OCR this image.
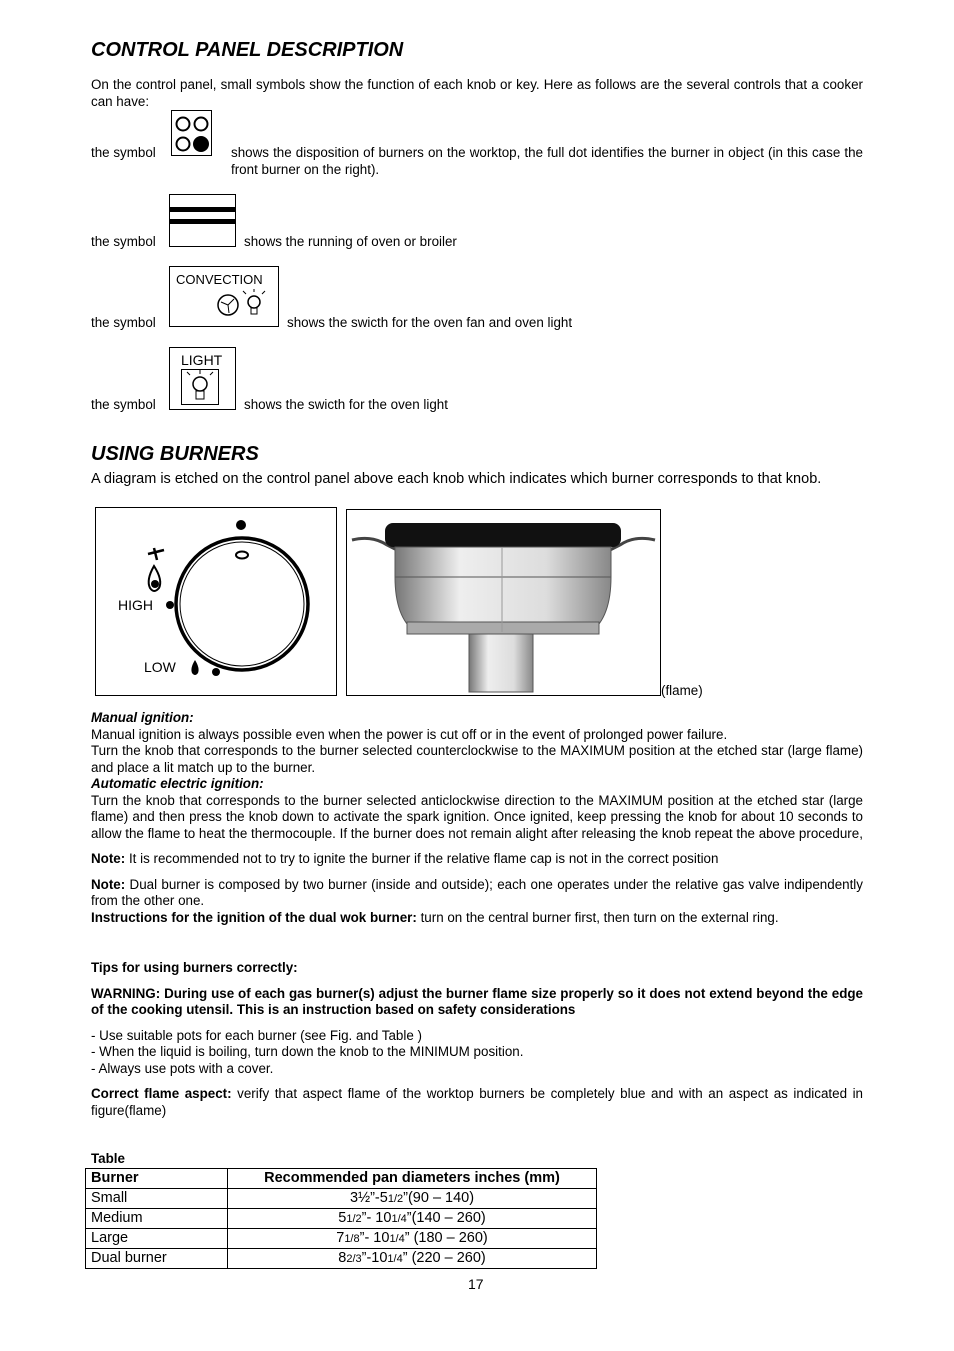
CONTROL PANEL DESCRIPTION

On the control panel, small symbols show the function of each knob or key. Here as follows are the several controls that a cooker can have:

the symbol	shows the disposition of burners on the worktop, the full dot identifies the burner in object (in this case the front burner on the right).

the symbol	shows the running of oven or broiler
CONVECTION
the symbol	shows the swicth for the oven fan and oven light
LIGHT
the symbol	shows the swicth for the oven light
USING BURNERS

A diagram is etched on the control panel above each knob which indicates which burner corresponds to that knob.

HIGH
LOW
(flame)

Manual ignition:

Manual ignition is always possible even when the power is cut off or in the event of prolonged power failure.

Turn the knob that corresponds to the burner selected counterclockwise to the MAXIMUM position at the etched star (large flame) and place a lit match up to the burner.

Automatic electric ignition:

Turn the knob that corresponds to the burner selected anticlockwise direction to the MAXIMUM position at the etched star (large flame) and then press the knob down to activate the spark ignition. Once ignited, keep pressing the knob for about 10 seconds to allow the flame to heat the thermocouple. If the burner does not remain alight after releasing the knob repeat the above procedure,

Note: It is recommended not to try to ignite the burner if the relative flame cap is not in the correct position

Note: Dual burner is composed by two burner (inside and outside); each one operates under the relative gas valve indipendently from the other one.

Instructions for the ignition of the dual wok burner: turn on the central burner first, then turn on the external ring.

Tips for using burners correctly:

WARNING: During use of each gas burner(s) adjust the burner flame size properly so it does not extend beyond the edge of the cooking utensil. This is an instruction based on safety considerations

- Use suitable pots for each burner (see Fig. and Table )

- When the liquid is boiling, turn down the knob to the MINIMUM position.

- Always use pots with a cover.

Correct flame aspect: verify that aspect flame of the worktop burners be completely blue and with an aspect as indicated in figure(flame)

Table
Burner	Recommended pan diameters inches (mm)
Small	3½”-51/2”(90 – 140)
Medium	51/2”- 101/4”(140 – 260)
Large	71/8”- 101/4” (180 – 260)
Dual burner	82/3”-101/4” (220 – 260)
17
